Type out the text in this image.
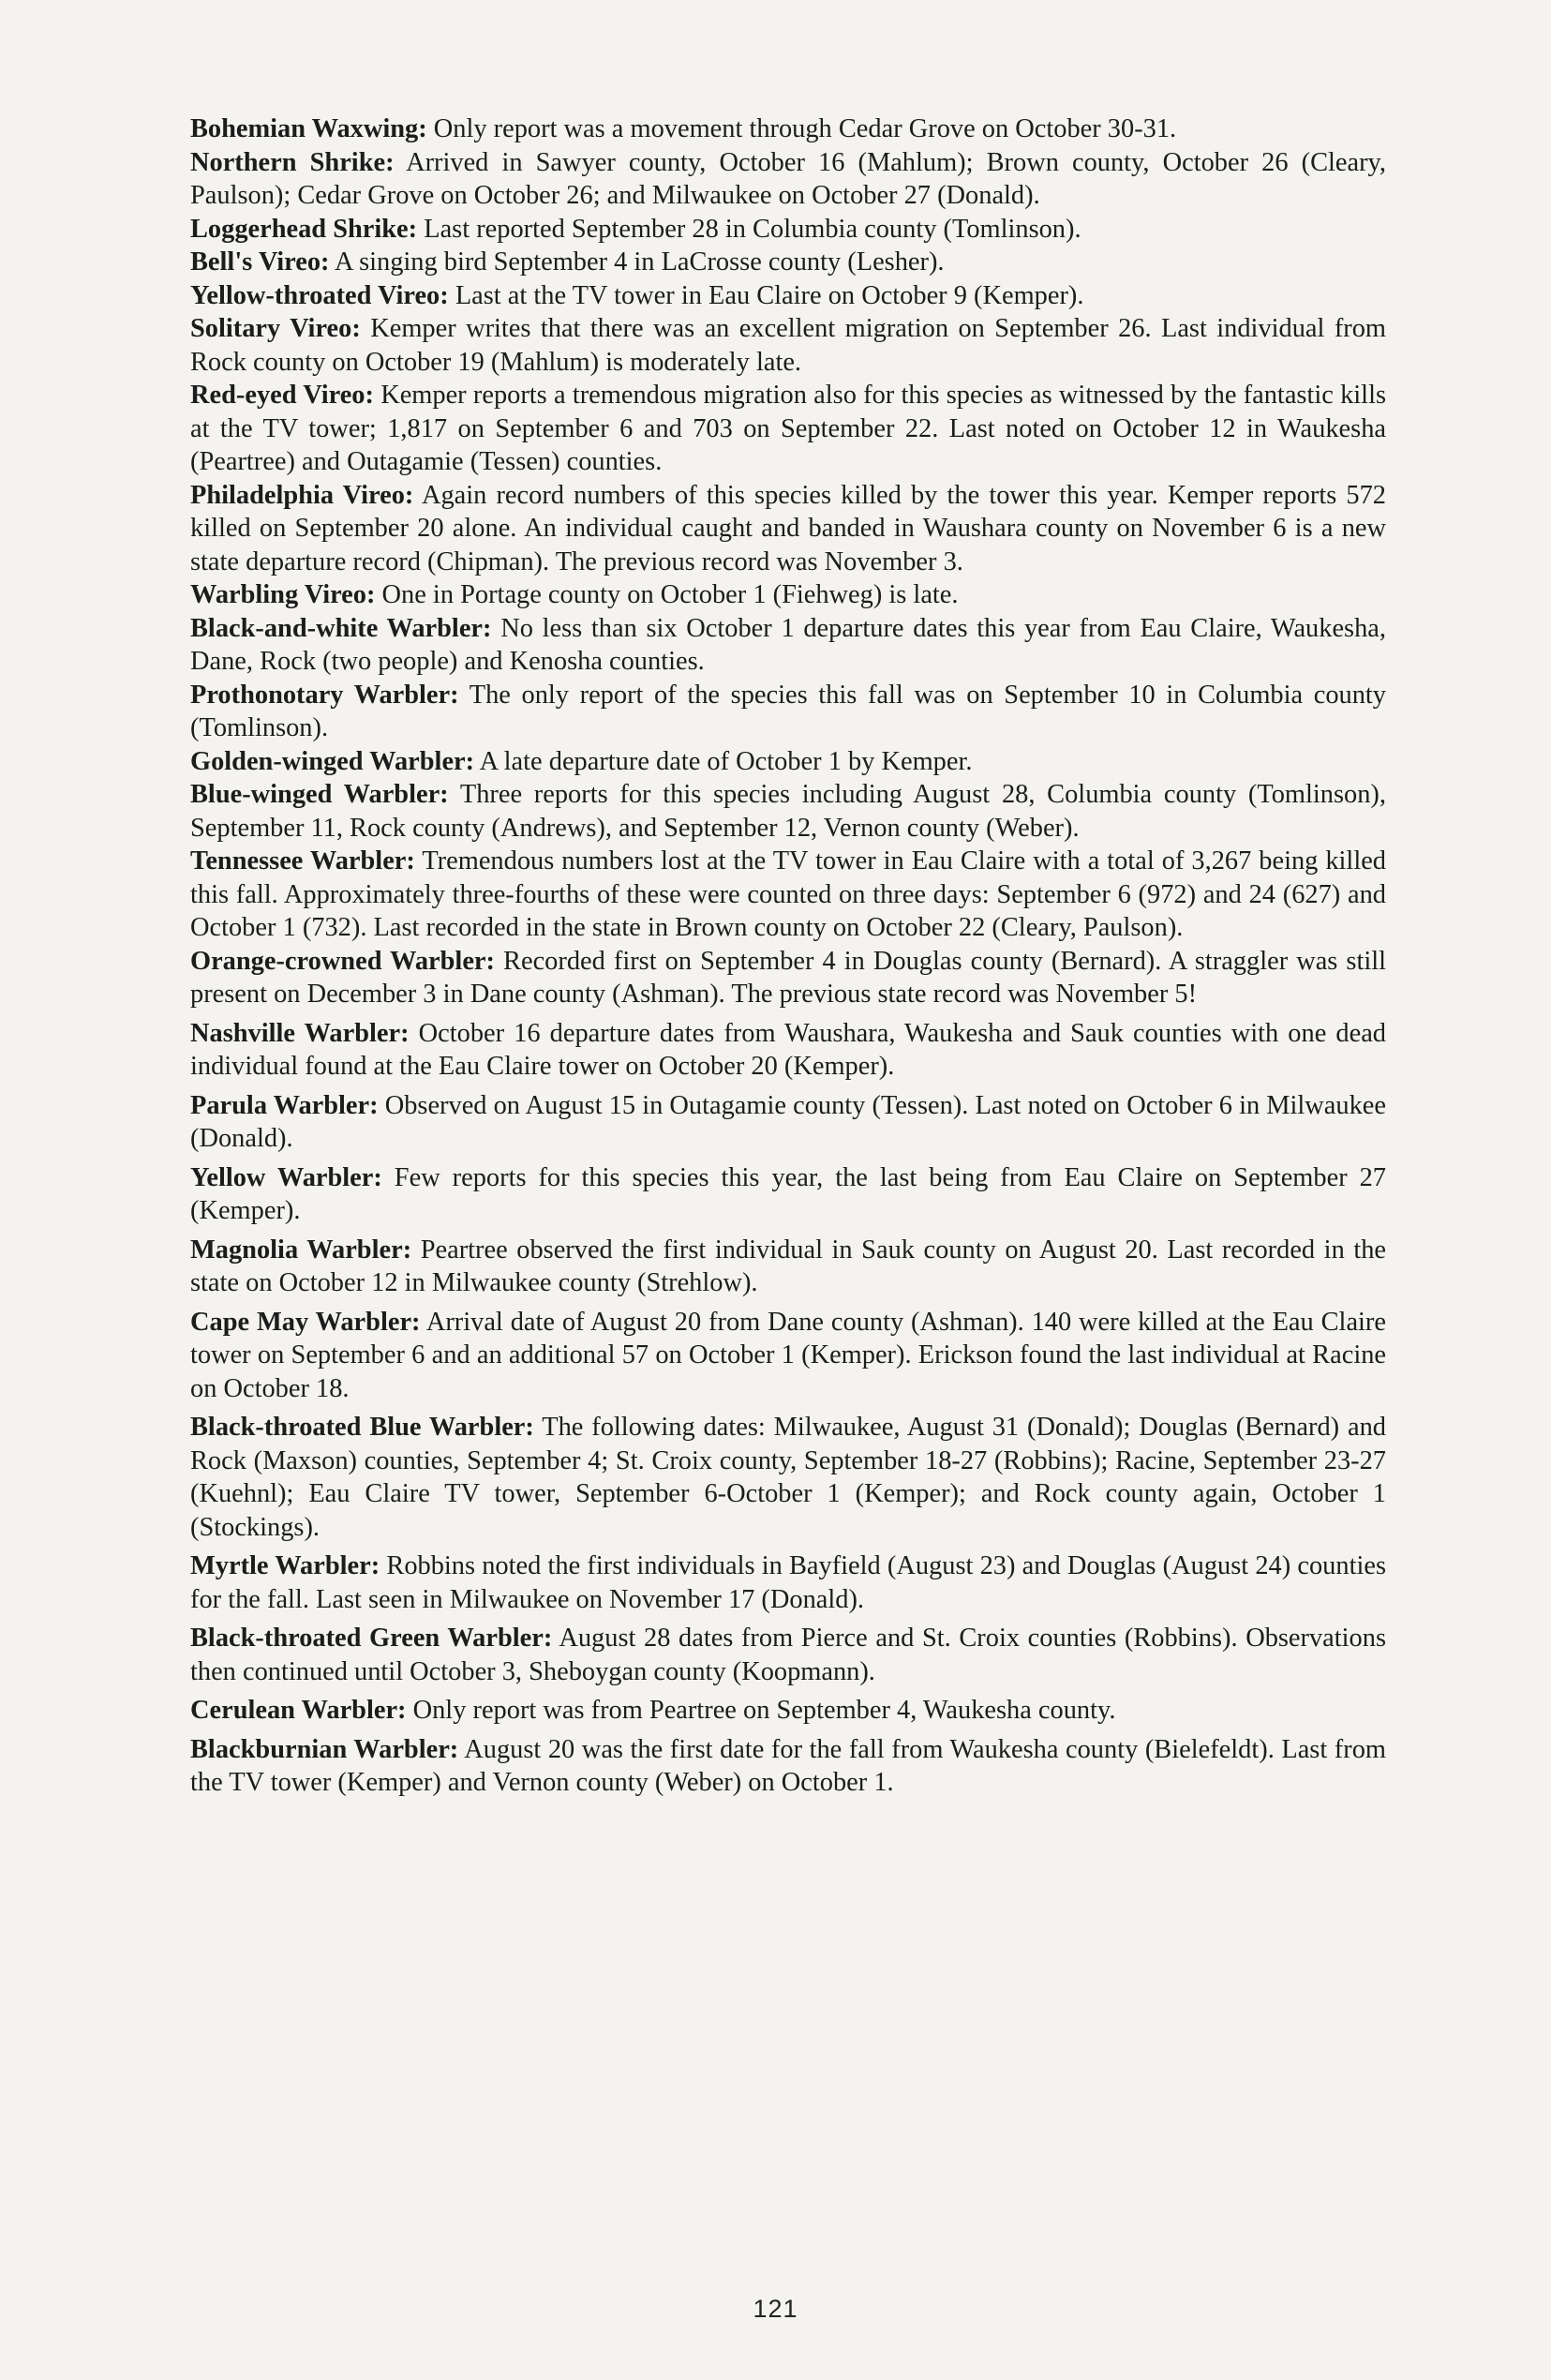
Bohemian Waxwing: Only report was a movement through Cedar Grove on October 30-31.

Northern Shrike: Arrived in Sawyer county, October 16 (Mahlum); Brown county, October 26 (Cleary, Paulson); Cedar Grove on October 26; and Milwaukee on October 27 (Donald).

Loggerhead Shrike: Last reported September 28 in Columbia county (Tomlinson).

Bell's Vireo: A singing bird September 4 in LaCrosse county (Lesher).

Yellow-throated Vireo: Last at the TV tower in Eau Claire on October 9 (Kemper).

Solitary Vireo: Kemper writes that there was an excellent migration on September 26. Last individual from Rock county on October 19 (Mahlum) is moderately late.

Red-eyed Vireo: Kemper reports a tremendous migration also for this species as witnessed by the fantastic kills at the TV tower; 1,817 on September 6 and 703 on September 22. Last noted on October 12 in Waukesha (Peartree) and Outagamie (Tessen) counties.

Philadelphia Vireo: Again record numbers of this species killed by the tower this year. Kemper reports 572 killed on September 20 alone. An individual caught and banded in Waushara county on November 6 is a new state departure record (Chipman). The previous record was November 3.

Warbling Vireo: One in Portage county on October 1 (Fiehweg) is late.

Black-and-white Warbler: No less than six October 1 departure dates this year from Eau Claire, Waukesha, Dane, Rock (two people) and Kenosha counties.

Prothonotary Warbler: The only report of the species this fall was on September 10 in Columbia county (Tomlinson).

Golden-winged Warbler: A late departure date of October 1 by Kemper.

Blue-winged Warbler: Three reports for this species including August 28, Columbia county (Tomlinson), September 11, Rock county (Andrews), and September 12, Vernon county (Weber).

Tennessee Warbler: Tremendous numbers lost at the TV tower in Eau Claire with a total of 3,267 being killed this fall. Approximately three-fourths of these were counted on three days: September 6 (972) and 24 (627) and October 1 (732). Last recorded in the state in Brown county on October 22 (Cleary, Paulson).

Orange-crowned Warbler: Recorded first on September 4 in Douglas county (Bernard). A straggler was still present on December 3 in Dane county (Ashman). The previous state record was November 5!

Nashville Warbler: October 16 departure dates from Waushara, Waukesha and Sauk counties with one dead individual found at the Eau Claire tower on October 20 (Kemper).

Parula Warbler: Observed on August 15 in Outagamie county (Tessen). Last noted on October 6 in Milwaukee (Donald).

Yellow Warbler: Few reports for this species this year, the last being from Eau Claire on September 27 (Kemper).

Magnolia Warbler: Peartree observed the first individual in Sauk county on August 20. Last recorded in the state on October 12 in Milwaukee county (Strehlow).

Cape May Warbler: Arrival date of August 20 from Dane county (Ashman). 140 were killed at the Eau Claire tower on September 6 and an additional 57 on October 1 (Kemper). Erickson found the last individual at Racine on October 18.

Black-throated Blue Warbler: The following dates: Milwaukee, August 31 (Donald); Douglas (Bernard) and Rock (Maxson) counties, September 4; St. Croix county, September 18-27 (Robbins); Racine, September 23-27 (Kuehnl); Eau Claire TV tower, September 6-October 1 (Kemper); and Rock county again, October 1 (Stockings).

Myrtle Warbler: Robbins noted the first individuals in Bayfield (August 23) and Douglas (August 24) counties for the fall. Last seen in Milwaukee on November 17 (Donald).

Black-throated Green Warbler: August 28 dates from Pierce and St. Croix counties (Robbins). Observations then continued until October 3, Sheboygan county (Koopmann).

Cerulean Warbler: Only report was from Peartree on September 4, Waukesha county.

Blackburnian Warbler: August 20 was the first date for the fall from Waukesha county (Bielefeldt). Last from the TV tower (Kemper) and Vernon county (Weber) on October 1.

121
